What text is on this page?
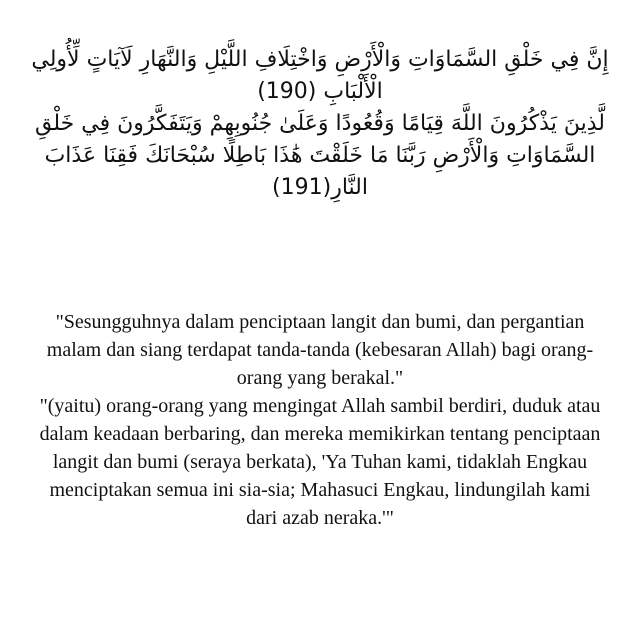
إِنَّ فِي خَلْقِ السَّمَاوَاتِ وَالْأَرْضِ وَاخْتِلَافِ اللَّيْلِ وَالنَّهَارِ لَآيَاتٍ لِّأُولِي

الْأَلْبَابِ (190)

لَّذِينَ يَذْكُرُونَ اللَّهَ قِيَامًا وَقُعُودًا وَعَلَىٰ جُنُوبِهِمْ وَيَتَفَكَّرُونَ فِي خَلْقِ

السَّمَاوَاتِ وَالْأَرْضِ رَبَّنَا مَا خَلَقْتَ هَٰذَا بَاطِلًا سُبْحَانَكَ فَقِنَا عَذَابَ

النَّارِ(191)

"Sesungguhnya dalam penciptaan langit dan bumi, dan pergantian

malam dan siang terdapat tanda-tanda (kebesaran Allah) bagi orang-

orang yang berakal."

"(yaitu) orang-orang yang mengingat Allah sambil berdiri, duduk atau

dalam keadaan berbaring, dan mereka memikirkan tentang penciptaan

langit dan bumi (seraya berkata), 'Ya Tuhan kami, tidaklah Engkau

menciptakan semua ini sia-sia; Mahasuci Engkau, lindungilah kami

dari azab neraka.'"
